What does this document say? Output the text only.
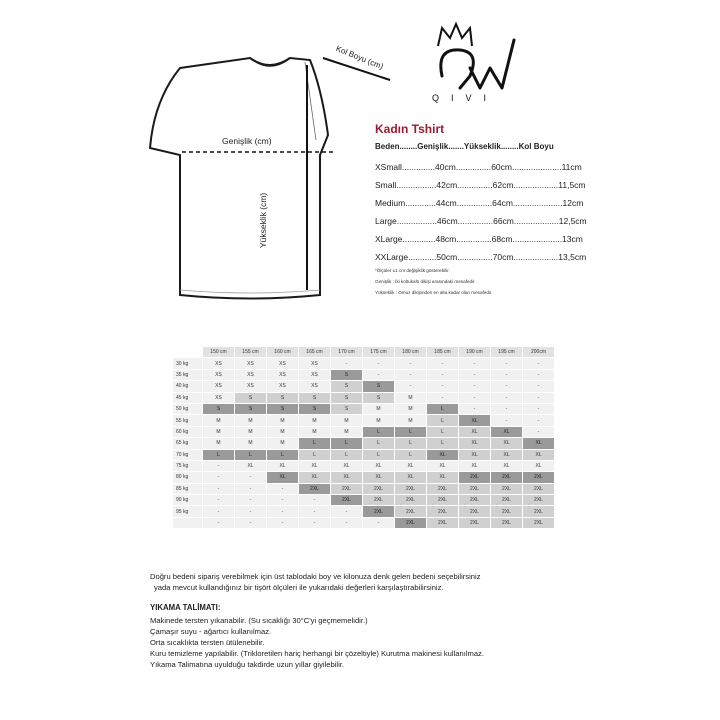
Genişlik (cm)
Yükseklik (cm)
Kol Boyu (cm)
QIVI
Kadın Tshirt
Beden........Genişlik.......Yükseklik........Kol Boyu
XSmall..............40cm...............60cm.....................11cm
Small.................42cm...............62cm...................11,5cm
Medium.............44cm...............64cm.....................12cm
Large.................46cm...............66cm...................12,5cm
XLarge..............48cm...............68cm.....................13cm
XXLarge............50cm...............70cm...................13,5cm
*Ölçüler ±1 cm değişiklik gösterebilir.
Genişlik : İki koltukaltı dikişi arasındaki mesafedir.
Yükseklik : Omuz dikişinden en alta kadar olan mesafedir.
	150 cm	155 cm	160 cm	165 cm	170 cm	175 cm	180 cm	185 cm	190 cm	195 cm	200cm
30 kg	XS	XS	XS	XS	-	-	-	-	-	-	-
35 kg	XS	XS	XS	XS	S	-	-	-	-	-	-
40 kg	XS	XS	XS	XS	S	S	-	-	-	-	-
45 kg	XS	S	S	S	S	S	M	-	-	-	-
50 kg	S	S	S	S	S	M	M	L	-	-	-
55 kg	M	M	M	M	M	M	M	L	XL	-	-
60 kg	M	M	M	M	M	L	L	L	XL	XL	-
65 kg	M	M	M	L	L	L	L	L	XL	XL	XL
70 kg	L	L	L	L	L	L	L	XL	XL	XL	XL
75 kg	-	XL	XL	XL	XL	XL	XL	XL	XL	XL	XL
80 kg	-	-	XL	XL	XL	XL	XL	XL	2XL	2XL	2XL
85 kg	-	-	-	2XL	2XL	2XL	2XL	2XL	2XL	2XL	2XL
90 kg	-	-	-	-	2XL	2XL	2XL	2XL	2XL	2XL	2XL
95 kg	-	-	-	-	-	2XL	2XL	2XL	2XL	2XL	2XL
	-	-	-	-	-	-	2XL	2XL	2XL	2XL	2XL
Doğru bedeni sipariş verebilmek için üst tablodaki boy ve kilonuza denk gelen bedeni seçebilirsiniz
yada mevcut kullandığınız bir tişört ölçüleri ile yukarıdaki değerleri karşılaştırabilirsiniz.
YIKAMA TALİMATI:
Makinede tersten yıkanabilir. (Su sıcaklığı 30°C'yi geçmemelidir.)
Çamaşır suyu - ağartıcı kullanılmaz.
Orta sıcaklıkta tersten ütülenebilir.
Kuru temizleme yapılabilir. (Trikloretilen hariç herhangi bir çözeltiyle) Kurutma makinesi kullanılmaz.
Yıkama Talimatına uyulduğu takdirde uzun yıllar giyilebilir.
